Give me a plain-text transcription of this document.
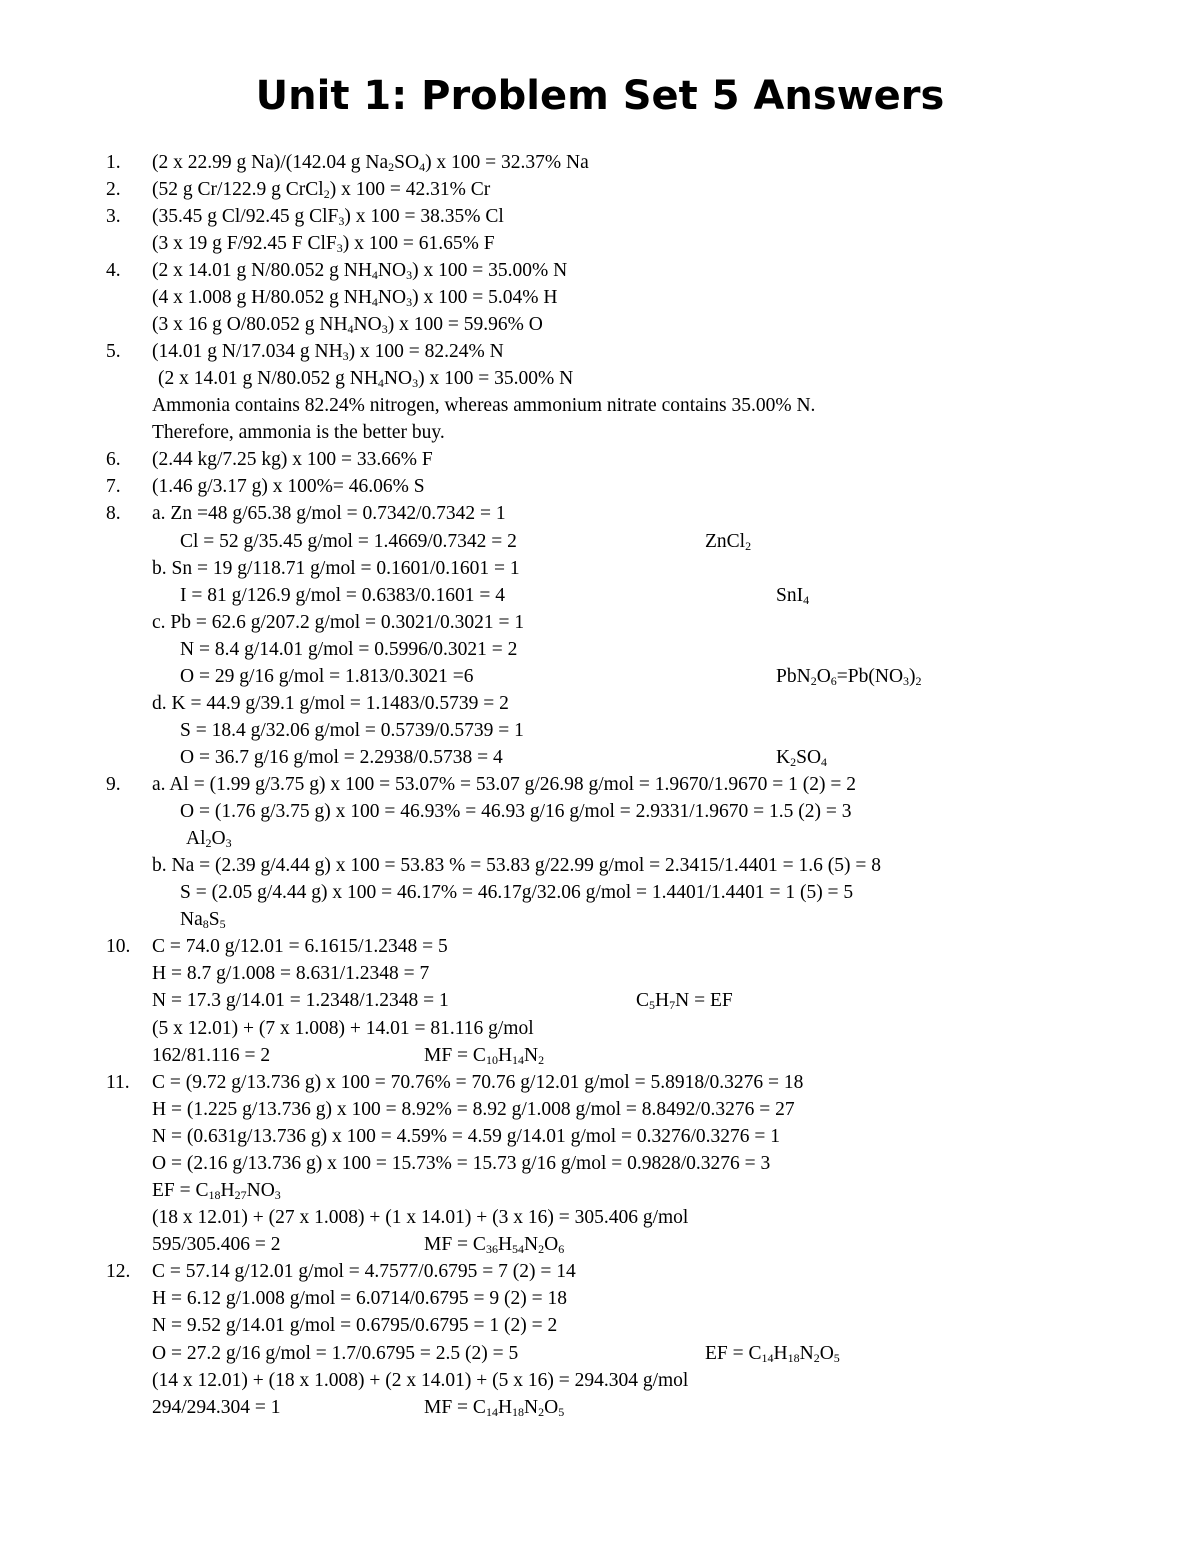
Unit 1: Problem Set 5 Answers
1. (2 x 22.99 g Na)/(142.04 g $Na_2SO_4$) x 100 = 32.37% Na
2. (52 g Cr/122.9 g CrCl$_2$) x 100 = 42.31% Cr
3. (35.45 g Cl/92.45 g ClF$_3$) x 100 = 38.35% Cl
(3 x 19 g F/92.45 F ClF$_3$) x 100 = 61.65% F
4. (2 x 14.01 g N/80.052 g $NH_4NO_3$) x 100 = 35.00% N
(4 x 1.008 g H/80.052 g $NH_4NO_3$) x 100 = 5.04% H
(3 x 16 g O/80.052 g $NH_4NO_3$) x 100 = 59.96% O
5. (14.01 g N/17.034 g $NH_3$) x 100 = 82.24% N
(2 x 14.01 g N/80.052 g $NH_4NO_3$) x 100 = 35.00% N
Ammonia contains 82.24% nitrogen, whereas ammonium nitrate contains 35.00% N.
Therefore, ammonia is the better buy.
6. (2.44 kg/7.25 kg) x 100 = 33.66% F
7. (1.46 g/3.17 g) x 100%= 46.06% S
8. a. Zn =48 g/65.38 g/mol = 0.7342/0.7342 = 1
Cl = 52 g/35.45 g/mol = 1.4669/0.7342 = 2	ZnCl$_2$
b. Sn = 19 g/118.71 g/mol = 0.1601/0.1601 = 1
I = 81 g/126.9 g/mol = 0.6383/0.1601 = 4	SnI$_4$
c. Pb = 62.6 g/207.2 g/mol = 0.3021/0.3021 = 1
N = 8.4 g/14.01 g/mol = 0.5996/0.3021 = 2
O = 29 g/16 g/mol = 1.813/0.3021 =6	$PbN_2O_6=Pb(NO_3)_2$
d. K = 44.9 g/39.1 g/mol = 1.1483/0.5739 = 2
S = 18.4 g/32.06 g/mol = 0.5739/0.5739 = 1
O = 36.7 g/16 g/mol = 2.2938/0.5738 = 4	$K_2SO_4$
9. a. Al = (1.99 g/3.75 g) x 100 = 53.07% = 53.07 g/26.98 g/mol = 1.9670/1.9670 = 1 (2) = 2
O = (1.76 g/3.75 g) x 100 = 46.93% = 46.93 g/16 g/mol = 2.9331/1.9670 = 1.5 (2) = 3
$Al_2O_3$
b. Na = (2.39 g/4.44 g) x 100 = 53.83 % = 53.83 g/22.99 g/mol = 2.3415/1.4401 = 1.6 (5) = 8
S = (2.05 g/4.44 g) x 100 = 46.17% = 46.17g/32.06 g/mol = 1.4401/1.4401 = 1 (5) = 5
$Na_8S_5$
10. C = 74.0 g/12.01 = 6.1615/1.2348 = 5
H = 8.7 g/1.008 = 8.631/1.2348 = 7
N = 17.3 g/14.01 = 1.2348/1.2348 = 1	$C_5H_7N$ = EF
(5 x 12.01) + (7 x 1.008) + 14.01 = 81.116 g/mol
162/81.116 = 2	MF = $C_{10}H_{14}N_2$
11. C = (9.72 g/13.736 g) x 100 = 70.76% = 70.76 g/12.01 g/mol = 5.8918/0.3276 = 18
H = (1.225 g/13.736 g) x 100 = 8.92% = 8.92 g/1.008 g/mol = 8.8492/0.3276 = 27
N = (0.631g/13.736 g) x 100 = 4.59% = 4.59 g/14.01 g/mol = 0.3276/0.3276 = 1
O = (2.16 g/13.736 g) x 100 = 15.73% = 15.73 g/16 g/mol = 0.9828/0.3276 = 3
EF = $C_{18}H_{27}NO_3$
(18 x 12.01) + (27 x 1.008) + (1 x 14.01) + (3 x 16) = 305.406 g/mol
595/305.406 = 2	MF = $C_{36}H_{54}N_2O_6$
12. C = 57.14 g/12.01 g/mol = 4.7577/0.6795 = 7 (2) = 14
H = 6.12 g/1.008 g/mol = 6.0714/0.6795 = 9 (2) = 18
N = 9.52 g/14.01 g/mol = 0.6795/0.6795 = 1 (2) = 2
O = 27.2 g/16 g/mol = 1.7/0.6795 = 2.5 (2) = 5	EF = $C_{14}H_{18}N_2O_5$
(14 x 12.01) + (18 x 1.008) + (2 x 14.01) + (5 x 16) = 294.304 g/mol
294/294.304 = 1	MF = $C_{14}H_{18}N_2O_5$
